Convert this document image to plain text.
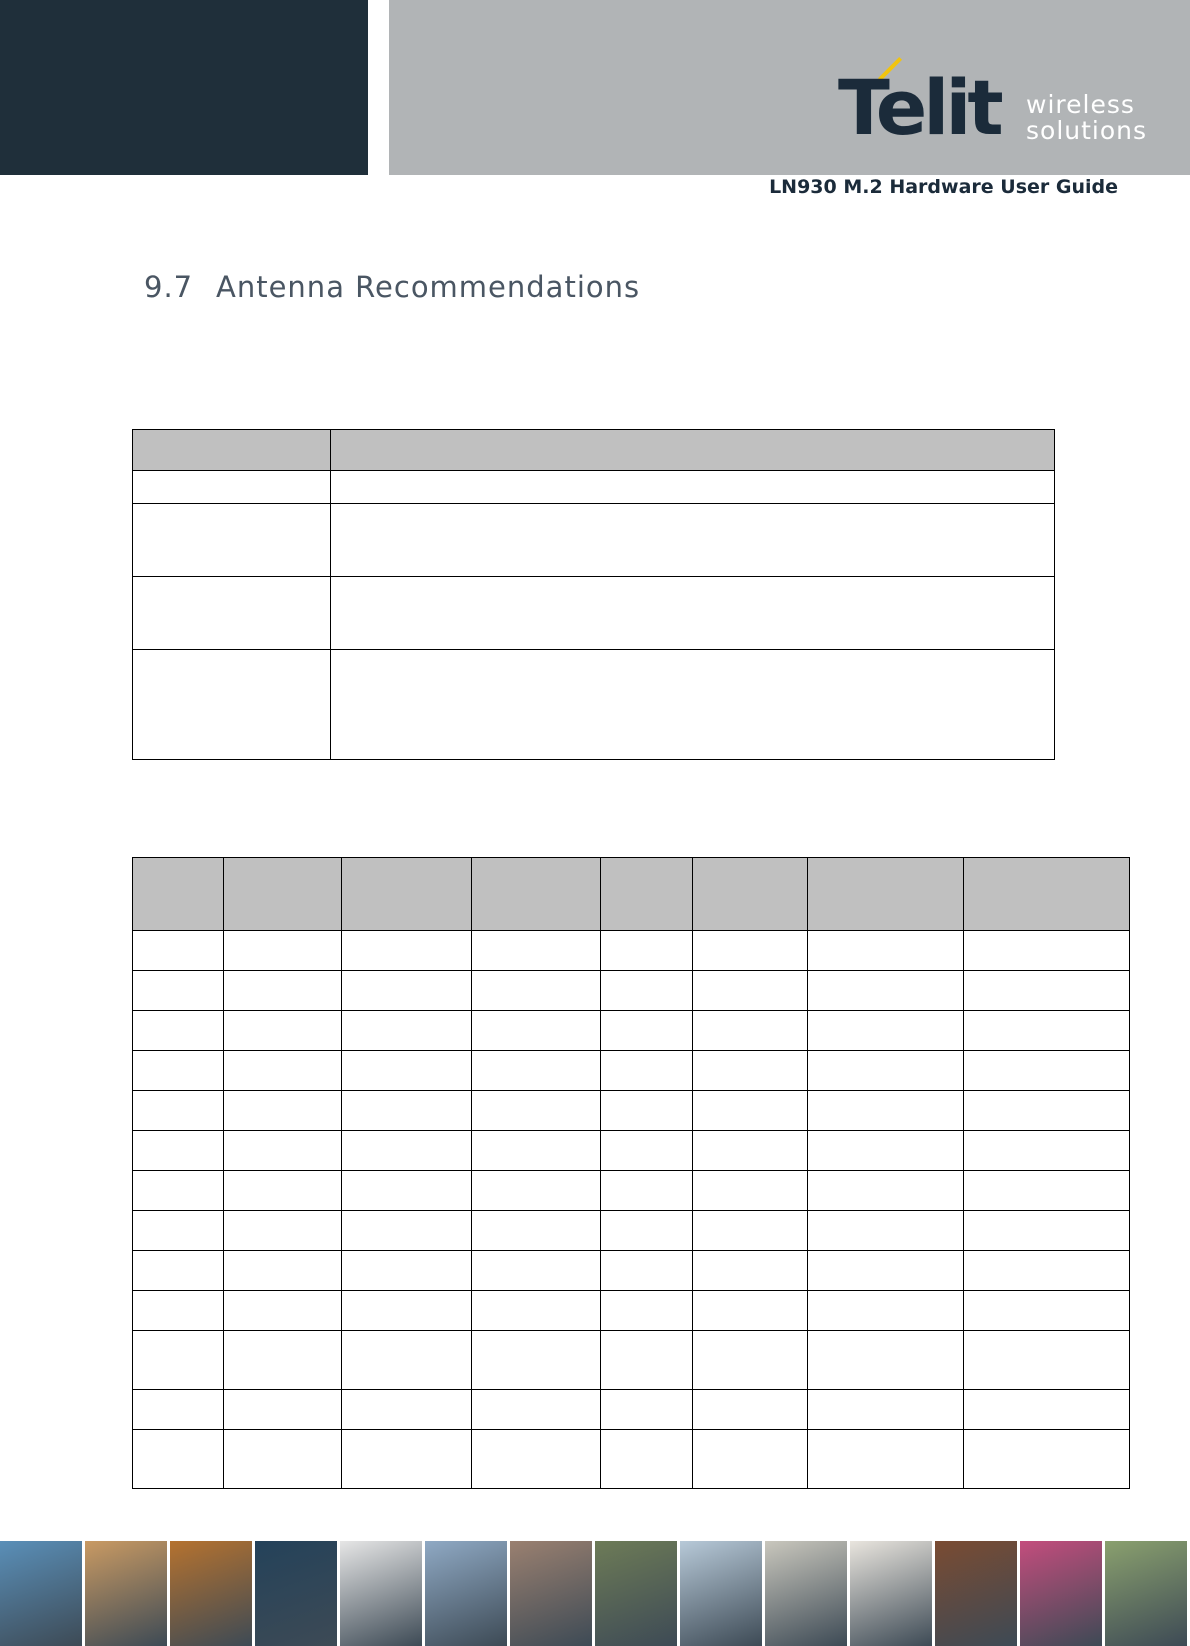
Telit wireless
solutions
LN930 M.2 Hardware User Guide
9.7 Antenna Recommendations
